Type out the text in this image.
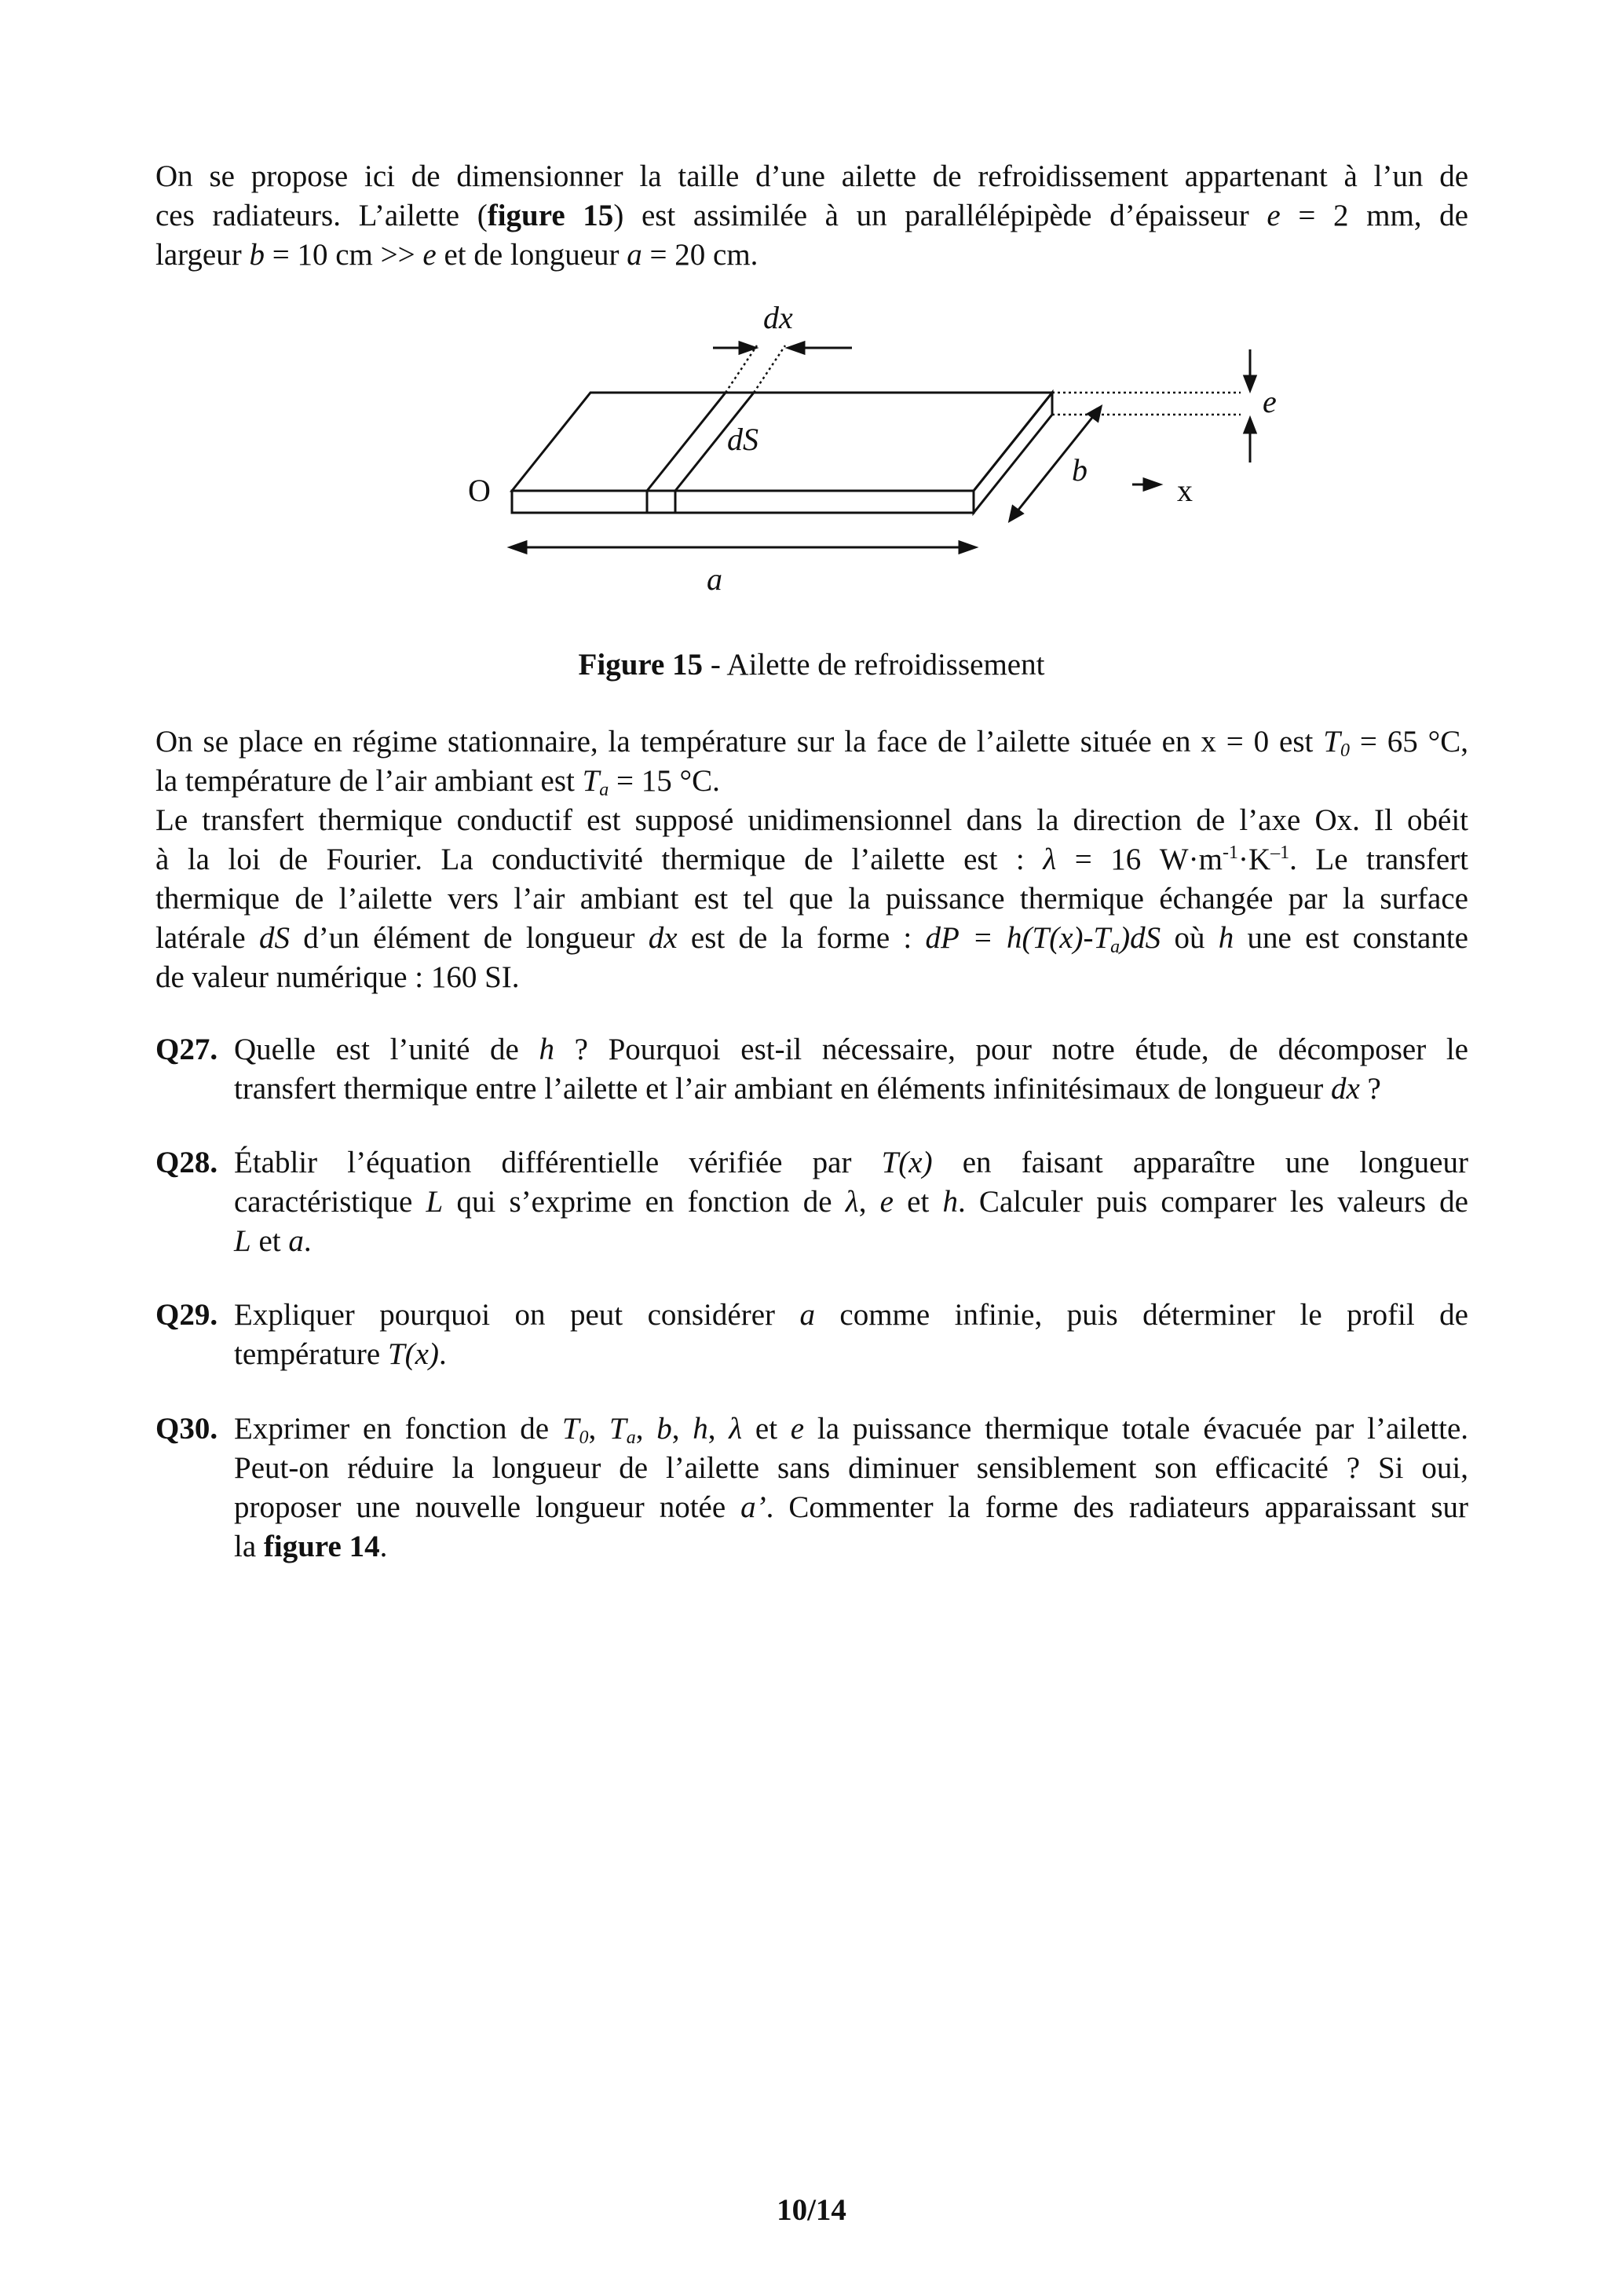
On se propose ici de dimensionner la taille d’une ailette de refroidissement appartenant à l’un de
ces radiateurs. L’ailette (figure 15) est assimilée à un parallélépipède d’épaisseur e = 2 mm, de
largeur b = 10 cm >> e et de longueur a = 20 cm.
dx
dS
O
b
x
e
a
Figure 15 - Ailette de refroidissement
On se place en régime stationnaire, la température sur la face de l’ailette située en x = 0 est $T_0 = 65$ °C,
la température de l’air ambiant est $T_a = 15$ °C.
Le transfert thermique conductif est supposé unidimensionnel dans la direction de l’axe Ox. Il obéit
à la loi de Fourier. La conductivité thermique de l’ailette est : λ = 16 $W\cdot m^{-1}\cdot K^{-1}$. Le transfert
thermique de l’ailette vers l’air ambiant est tel que la puissance thermique échangée par la surface
latérale dS d’un élément de longueur dx est de la forme : dP = $h(T(x)-T_a)dS$ où h une est constante
de valeur numérique : 160 SI.
Q27. Quelle est l’unité de h ? Pourquoi est-il nécessaire, pour notre étude, de décomposer le
transfert thermique entre l’ailette et l’air ambiant en éléments infinitésimaux de longueur dx ?
Q28. Établir l’équation différentielle vérifiée par T(x) en faisant apparaître une longueur
caractéristique L qui s’exprime en fonction de λ, e et h. Calculer puis comparer les valeurs de
L et a.
Q29. Expliquer pourquoi on peut considérer a comme infinie, puis déterminer le profil de
température T(x).
Q30. Exprimer en fonction de $T_0$, $T_a$, b, h, λ et e la puissance thermique totale évacuée par l’ailette.
Peut-on réduire la longueur de l’ailette sans diminuer sensiblement son efficacité ? Si oui,
proposer une nouvelle longueur notée a’. Commenter la forme des radiateurs apparaissant sur
la figure 14.
10/14
